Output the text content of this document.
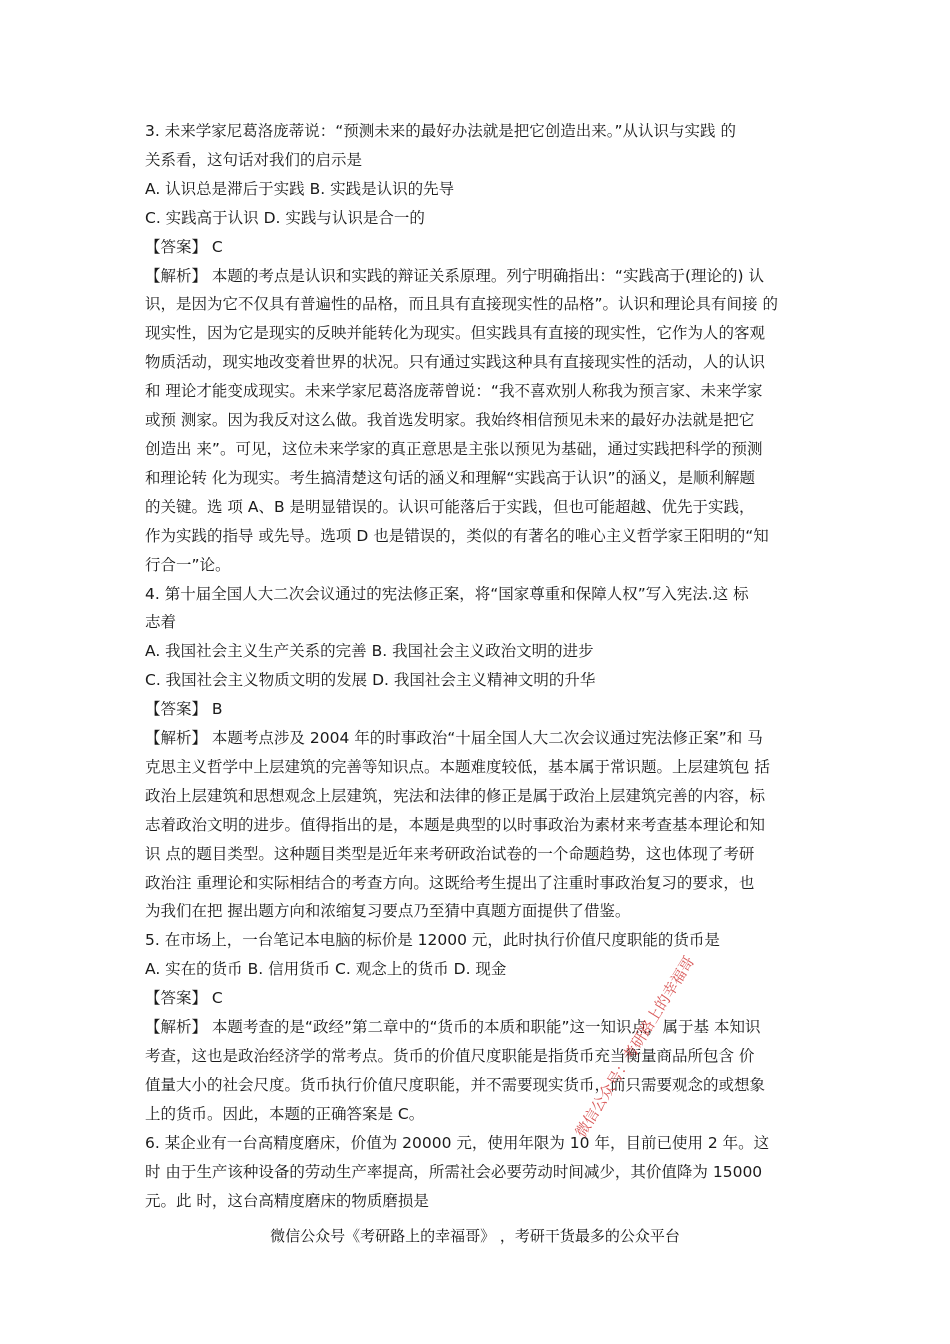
3. 未来学家尼葛洛庞蒂说：“预测未来的最好办法就是把它创造出来。”从认识与实践 的
关系看，这句话对我们的启示是
A. 认识总是滞后于实践 B. 实践是认识的先导
C. 实践高于认识 D. 实践与认识是合一的
【答案】 C
【解析】 本题的考点是认识和实践的辩证关系原理。列宁明确指出：“实践高于(理论的) 认
识，是因为它不仅具有普遍性的品格，而且具有直接现实性的品格”。认识和理论具有间接 的
现实性，因为它是现实的反映并能转化为现实。但实践具有直接的现实性，它作为人的客观
物质活动，现实地改变着世界的状况。只有通过实践这种具有直接现实性的活动，人的认识
和 理论才能变成现实。未来学家尼葛洛庞蒂曾说：“我不喜欢别人称我为预言家、未来学家
或预 测家。因为我反对这么做。我首选发明家。我始终相信预见未来的最好办法就是把它
创造出 来”。可见，这位未来学家的真正意思是主张以预见为基础，通过实践把科学的预测
和理论转 化为现实。考生搞清楚这句话的涵义和理解“实践高于认识”的涵义，是顺利解题
的关键。选 项 A、B 是明显错误的。认识可能落后于实践，但也可能超越、优先于实践，
作为实践的指导 或先导。选项 D 也是错误的，类似的有著名的唯心主义哲学家王阳明的“知
行合一”论。
4. 第十届全国人大二次会议通过的宪法修正案，将“国家尊重和保障人权”写入宪法.这 标
志着
A. 我国社会主义生产关系的完善 B. 我国社会主义政治文明的进步
C. 我国社会主义物质文明的发展 D. 我国社会主义精神文明的升华
【答案】 B
【解析】 本题考点涉及 2004 年的时事政治“十届全国人大二次会议通过宪法修正案”和 马
克思主义哲学中上层建筑的完善等知识点。本题难度较低，基本属于常识题。上层建筑包 括
政治上层建筑和思想观念上层建筑，宪法和法律的修正是属于政治上层建筑完善的内容，标
志着政治文明的进步。值得指出的是，本题是典型的以时事政治为素材来考查基本理论和知
识 点的题目类型。这种题目类型是近年来考研政治试卷的一个命题趋势，这也体现了考研
政治注 重理论和实际相结合的考查方向。这既给考生提出了注重时事政治复习的要求，也
为我们在把 握出题方向和浓缩复习要点乃至猜中真题方面提供了借鉴。
5. 在市场上，一台笔记本电脑的标价是 12000 元，此时执行价值尺度职能的货币是
A. 实在的货币 B. 信用货币 C. 观念上的货币 D. 现金
【答案】 C
【解析】 本题考查的是“政经”第二章中的“货币的本质和职能”这一知识点，属于基 本知识
考查，这也是政治经济学的常考点。货币的价值尺度职能是指货币充当衡量商品所包含 价
值量大小的社会尺度。货币执行价值尺度职能，并不需要现实货币，而只需要观念的或想象
上的货币。因此，本题的正确答案是 C。
6. 某企业有一台高精度磨床，价值为 20000 元，使用年限为 10 年，目前已使用 2 年。这
时 由于生产该种设备的劳动生产率提高，所需社会必要劳动时间减少，其价值降为 15000
元。此 时，这台高精度磨床的物质磨损是
微信公众号《考研路上的幸福哥》 ，考研干货最多的公众平台
微信公众号：考研路上的幸福哥
